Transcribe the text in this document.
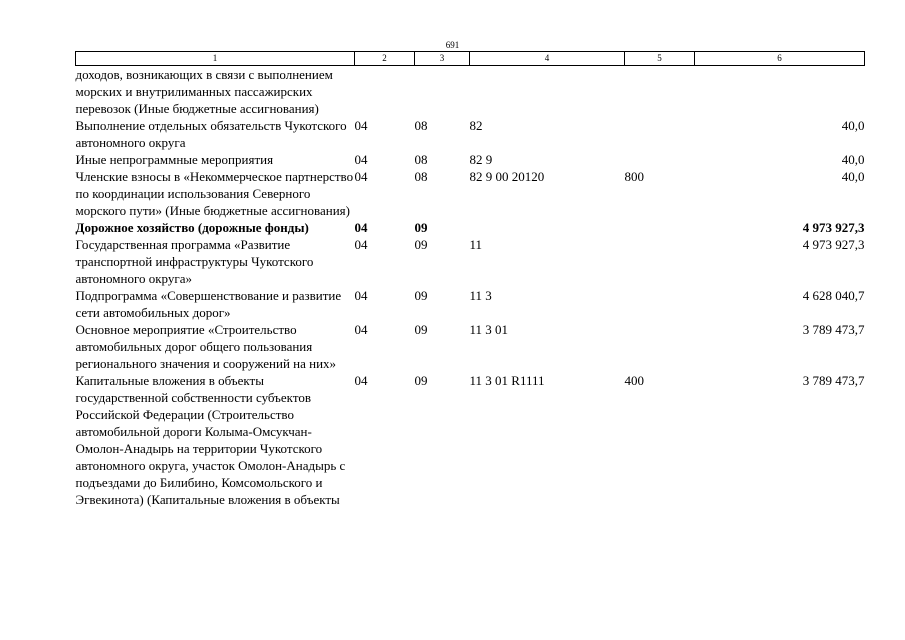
691
1	2	3	4	5	6
доходов, возникающих в связи с выполнением морских и внутрилиманных пассажирских перевозок (Иные бюджетные ассигнования)					
Выполнение отдельных обязательств Чукотского автономного округа	04	08	82		40,0
Иные непрограммные мероприятия	04	08	82 9		40,0
Членские взносы в «Некоммерческое партнерство по координации использования Северного морского пути» (Иные бюджетные ассигнования)	04	08	82 9 00 20120	800	40,0
Дорожное хозяйство (дорожные фонды)	04	09			4 973 927,3
Государственная программа «Развитие транспортной инфраструктуры Чукотского автономного округа»	04	09	11		4 973 927,3
Подпрограмма «Совершенствование и развитие сети автомобильных дорог»	04	09	11 3		4 628 040,7
Основное мероприятие «Строительство автомобильных дорог общего пользования регионального значения и сооружений на них»	04	09	11 3 01		3 789 473,7
Капитальные вложения в объекты государственной собственности субъектов Российской Федерации (Строительство автомобильной дороги Колыма-Омсукчан-Омолон-Анадырь на территории Чукотского автономного округа, участок Омолон-Анадырь с подъездами до Билибино, Комсомольского и Эгвекинота) (Капитальные вложения в объекты	04	09	11 3 01 R1111	400	3 789 473,7
